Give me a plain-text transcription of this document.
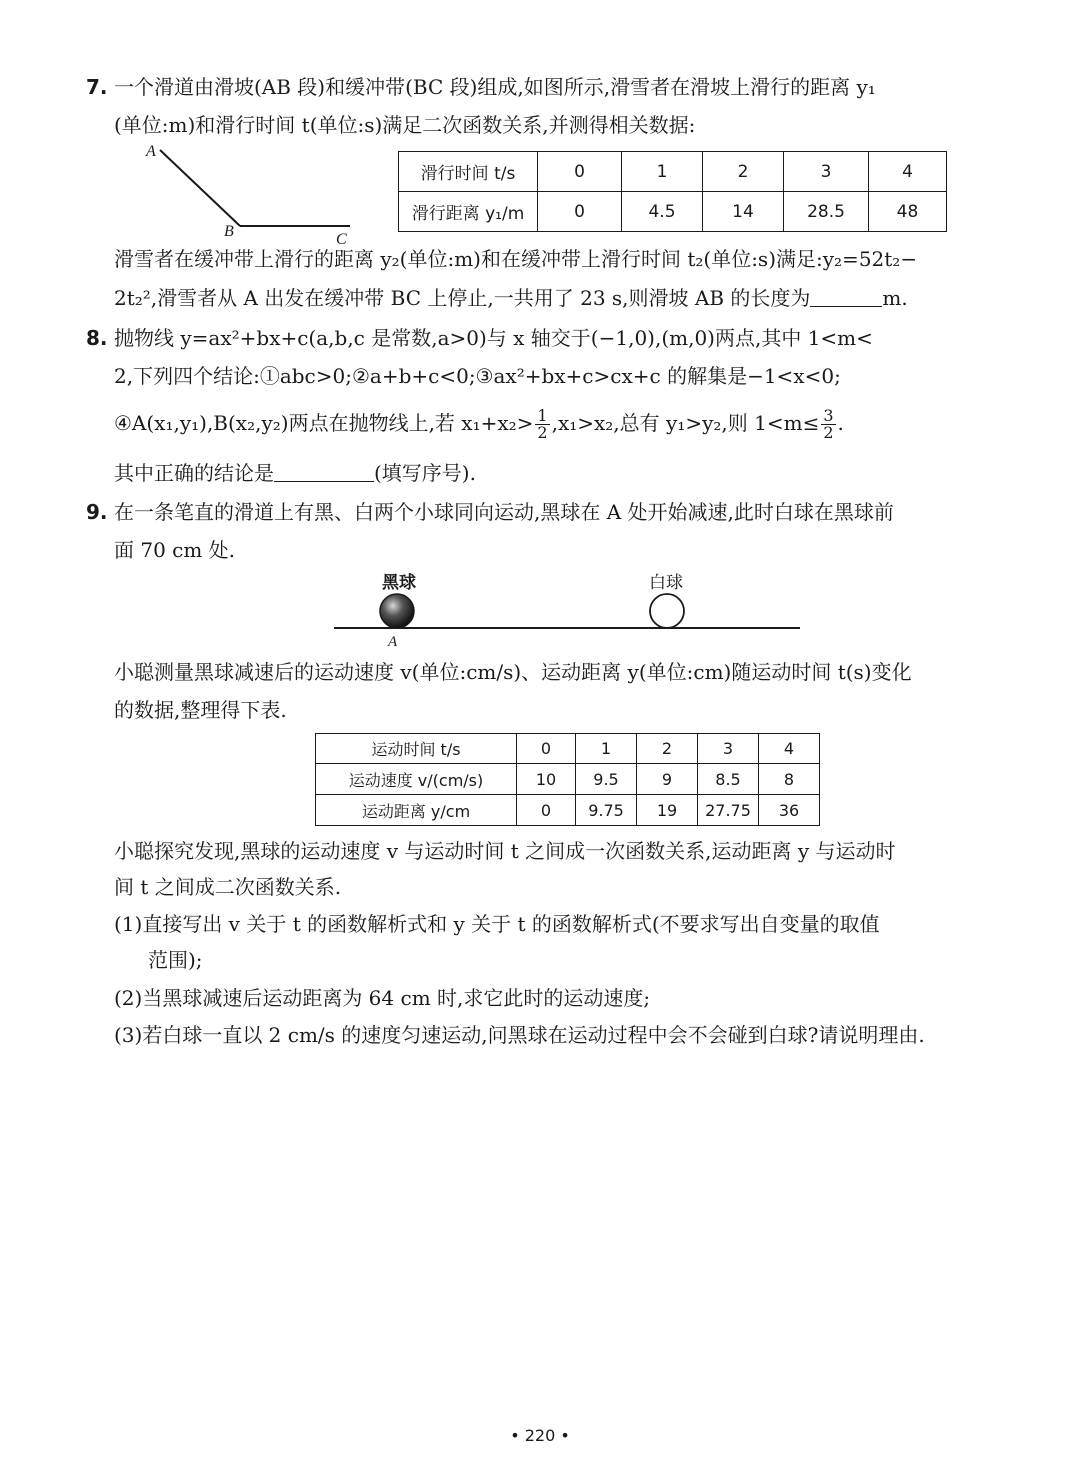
7. 一个滑道由滑坡(AB 段)和缓冲带(BC 段)组成,如图所示,滑雪者在滑坡上滑行的距离 y₁
(单位:m)和滑行时间 t(单位:s)满足二次函数关系,并测得相关数据:
A
B	C
滑行时间 t/s	0	1	2	3	4
滑行距离 y₁/m	0	4.5	14	28.5	48
滑雪者在缓冲带上滑行的距离 y₂(单位:m)和在缓冲带上滑行时间 t₂(单位:s)满足:y₂=52t₂−
2t₂²,滑雪者从 A 出发在缓冲带 BC 上停止,一共用了 23 s,则滑坡 AB 的长度为	m.
8. 抛物线 y=ax²+bx+c(a,b,c 是常数,a>0)与 x 轴交于(−1,0),(m,0)两点,其中 1<m<
2,下列四个结论:①abc>0;②a+b+c<0;③ax²+bx+c>cx+c 的解集是−1<x<0;
④A(x₁,y₁),B(x₂,y₂)两点在抛物线上,若 $x_1+x_2> \frac{1}{2} ,x_1>x_2$,总有 y₁>y₂,则 $1<m\le \frac{3}{2}$ .
其中正确的结论是	(填写序号).
9. 在一条笔直的滑道上有黑、白两个小球同向运动,黑球在 A 处开始减速,此时白球在黑球前
面 70 cm 处.
黑球	白球
A
小聪测量黑球减速后的运动速度 v(单位:cm/s)、运动距离 y(单位:cm)随运动时间 t(s)变化
的数据,整理得下表.
运动时间 t/s	0	1	2	3	4
运动速度 v/(cm/s)	10	9.5	9	8.5	8
运动距离 y/cm	0	9.75	19	27.75	36
小聪探究发现,黑球的运动速度 v 与运动时间 t 之间成一次函数关系,运动距离 y 与运动时
间 t 之间成二次函数关系.
(1)直接写出 v 关于 t 的函数解析式和 y 关于 t 的函数解析式(不要求写出自变量的取值
范围);
(2)当黑球减速后运动距离为 64 cm 时,求它此时的运动速度;
(3)若白球一直以 2 cm/s 的速度匀速运动,问黑球在运动过程中会不会碰到白球?请说明理由.
• 220 •
